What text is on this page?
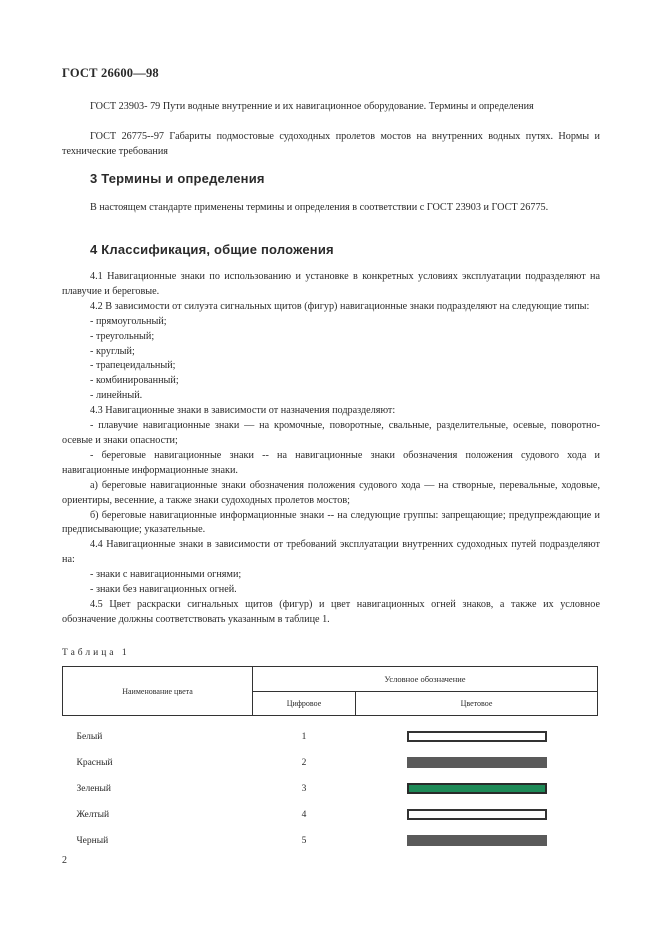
ГОСТ 26600—98
ГОСТ 23903- 79 Пути водные внутренние и их навигационное оборудование. Термины и определения
ГОСТ 26775--97 Габариты подмостовые судоходных пролетов мостов на внутренних водных путях. Нормы и технические требования
3 Термины и определения
В настоящем стандарте применены термины и определения в соответствии с ГОСТ 23903 и ГОСТ 26775.
4 Классификация, общие положения

4.1 Навигационные знаки по использованию и установке в конкретных условиях эксплуатации подразделяют на плавучие и береговые.

4.2 В зависимости от силуэта сигнальных щитов (фигур) навигационные знаки подразделяют на следующие типы:

- прямоугольный;

- треугольный;

- круглый;

- трапецеидальный;

- комбинированный;

- линейный.

4.3 Навигационные знаки в зависимости от назначения подразделяют:

- плавучие навигационные знаки — на кромочные, поворотные, свальные, разделительные, осевые, поворотно-осевые и знаки опасности;

- береговые навигационные знаки -- на навигационные знаки обозначения положения судового хода и навигационные информационные знаки.

а) береговые навигационные знаки обозначения положения судового хода — на створные, перевальные, ходовые, ориентиры, весенние, а также знаки судоходных пролетов мостов;

б) береговые навигационные информационные знаки -- на следующие группы: запрещающие; предупреждающие и предписывающие; указательные.

4.4 Навигационные знаки в зависимости от требований эксплуатации внутренних судоходных путей подразделяют на:

- знаки с навигационными огнями;

- знаки без навигационных огней.

4.5 Цвет раскраски сигнальных щитов (фигур) и цвет навигационных огней знаков, а также их условное обозначение должны соответствовать указанным в таблице 1.

Таблица 1
Наименование цвета	Условное обозначение	
	Цифровое	Цветовое

Белый	1	

Красный	2	

Зеленый	3	

Желтый	4	

Черный	5	
2
